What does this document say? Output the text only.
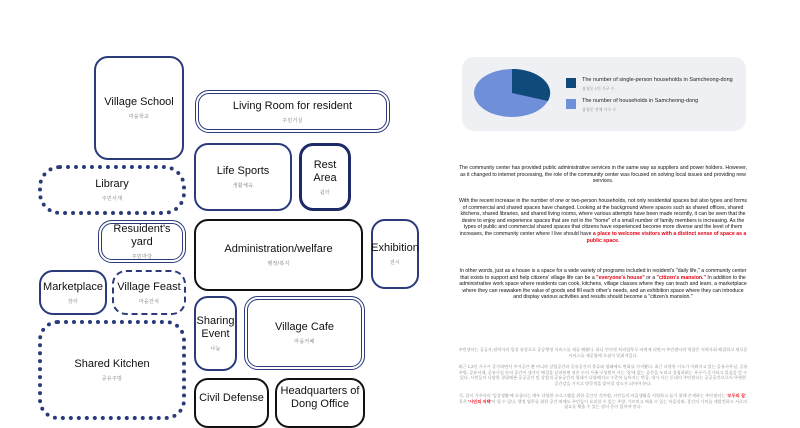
Village School
마을학교
Living Room for resident
주민거실
Library
주민서재
Life Sports
생활체육
Rest Area
쉼터
Resuident's yard
주민마당
Administration/welfare
행정/복지
Exhibition
전시
Marketplace
장터
Village Feast
마을잔치
Sharing Event
나눔
Village Cafe
마을카페
Shared Kitchen
공유주방
Civil Defense
Headquarters of Dong Office
The number of single-person households in Samcheong-dong
삼청동 1인 가구 수
The number of households in Samcheong-dong
삼청동 전체 가구 수
The community center has provided public administrative services in the same way as suppliers and power holders. However, as it changed to internet processing, the role of the community center was focused on solving local issues and providing new services.
With the recent increase in the number of one or two-person households, not only residential spaces but also types and forms of commercial and shared spaces have changed. Looking at the background where spaces such as shared offices, shared kitchens, shared libraries, and shared living rooms, where various attempts have been made recently, it can be seen that the desire to enjoy and experience spaces that are not in the "home" of a small number of family members is increasing. As the types of public and commercial shared spaces that citizens have experienced become more diverse and the level of them increases, the community center where I live should have a place to welcome visitors with a distinct sense of space as a public space.
In other words, just as a house is a space for a wide variety of programs included in resident's "daily life," a community center that exists to support and help citizens' village life can be a "everyone's house" or a "citizen's mansion." In addition to the administrative work space where residents can cook, kitchens, village classes where they can teach and learn, a marketplace where they can reawaken the value of goods and fill each other's needs, and an exhibition space where they can introduce and display various activities and results should become a "citizen's mansion."
주민센터는 공급자,권력자의 입장 유성으로 공공행정 서비스를 제공 해왔다. 하니 인터넷 처리업무로 바뀌게 되면서 주민센터의 역할은 지역사회 해결하고 새로운 서비스를 제공함에 초점이 맞춰져있다.
최근 1,2인 가구가 증가하면서 주거공간 뿐 아니라 상업공간과 공유공간의 종류와 형태에도 변화를 가져왔다. 최근 다양한 시도가 이뤄지고 있는 공유사무실, 공유주방, 공유서재, 공유거실 등의 공간이 생겨난 배경을 살펴보면 적은 수의 가족 구성원이 사는 '집'에 없는 공간을 누리고 경험하려는 욕구가 증가하고 있음을 알 수 있다. 시민들이 다양한 경험해본 공공공간 및 상업적 공유공간의 형태가 다양해지고 수준이 높아지는 만큼, 내가 사는 동네의 주민센터는 공공공간으로서 뚜렷한 공간감을 가지고 방문객을 맞이할 장소가 되어야 한다.
즉, 집이 거주자의 '일상생활'에 포함되는 매우 다양한 프로그램을 위한 공간인 것처럼, 시민들의 마을생활을 지원하고 돕기 위해 존재하는 주민센터는 '모두의 집', 혹은 '시민의 저택'이 될 수 있다. 행정 업무를 위한 공간 외에도 주민들이 요리할 수 있는 주방, 가르치고 배울 수 있는 마을강좌, 물건의 가치를 재발견하고 서로의 필요를 채울 수 있는 장터 등이 있어야 한다.
